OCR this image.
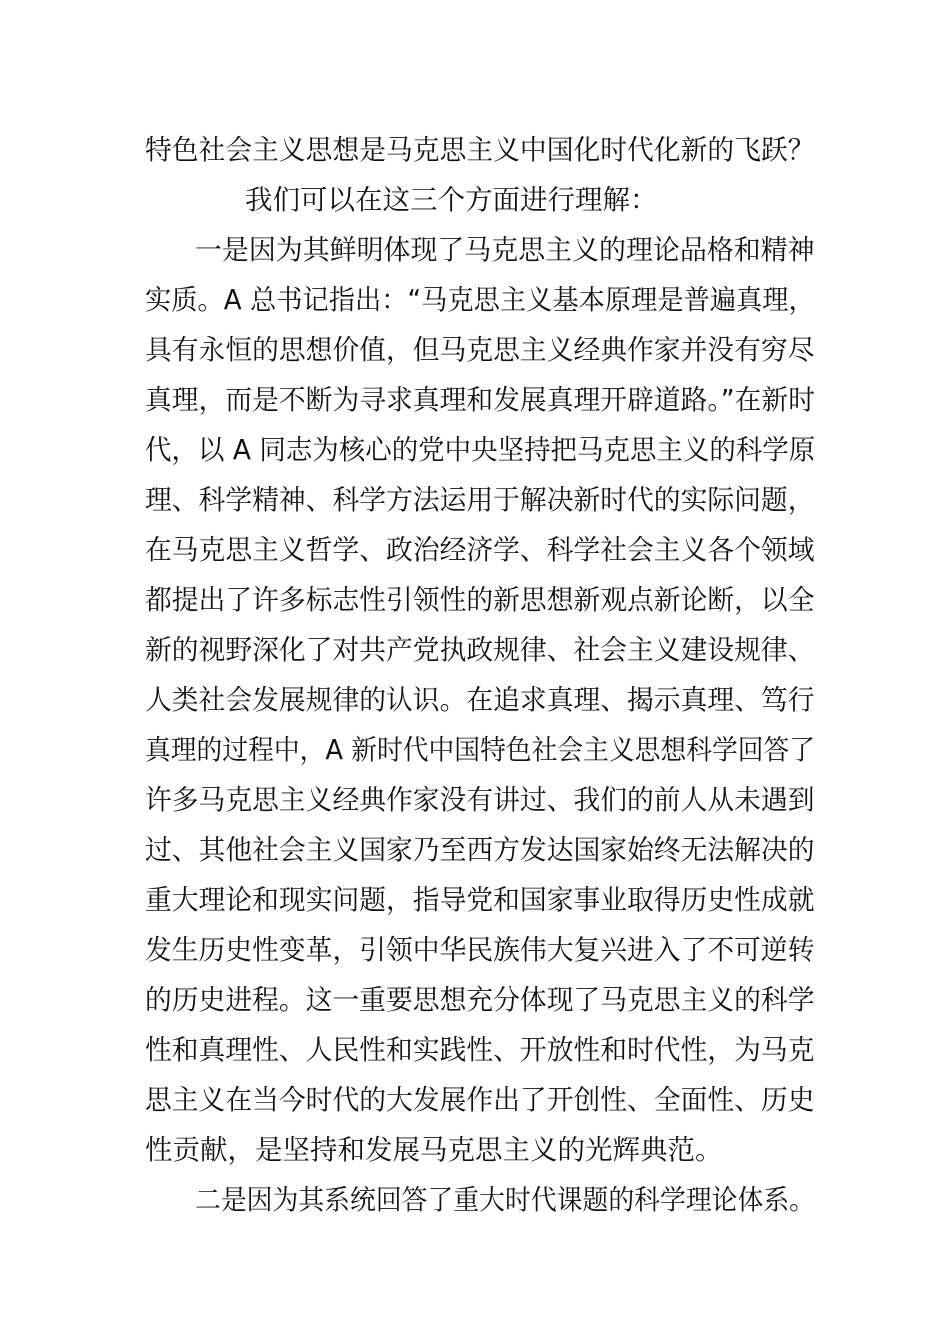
特色社会主义思想是马克思主义中国化时代化新的飞跃？
我们可以在这三个方面进行理解：
一是因为其鲜明体现了马克思主义的理论品格和精神
实质。A 总书记指出：“马克思主义基本原理是普遍真理，
具有永恒的思想价值，但马克思主义经典作家并没有穷尽
真理，而是不断为寻求真理和发展真理开辟道路。”在新时
代，以 A 同志为核心的党中央坚持把马克思主义的科学原
理、科学精神、科学方法运用于解决新时代的实际问题，
在马克思主义哲学、政治经济学、科学社会主义各个领域
都提出了许多标志性引领性的新思想新观点新论断，以全
新的视野深化了对共产党执政规律、社会主义建设规律、
人类社会发展规律的认识。在追求真理、揭示真理、笃行
真理的过程中，A 新时代中国特色社会主义思想科学回答了
许多马克思主义经典作家没有讲过、我们的前人从未遇到
过、其他社会主义国家乃至西方发达国家始终无法解决的
重大理论和现实问题，指导党和国家事业取得历史性成就
发生历史性变革，引领中华民族伟大复兴进入了不可逆转
的历史进程。这一重要思想充分体现了马克思主义的科学
性和真理性、人民性和实践性、开放性和时代性，为马克
思主义在当今时代的大发展作出了开创性、全面性、历史
性贡献，是坚持和发展马克思主义的光辉典范。
二是因为其系统回答了重大时代课题的科学理论体系。
